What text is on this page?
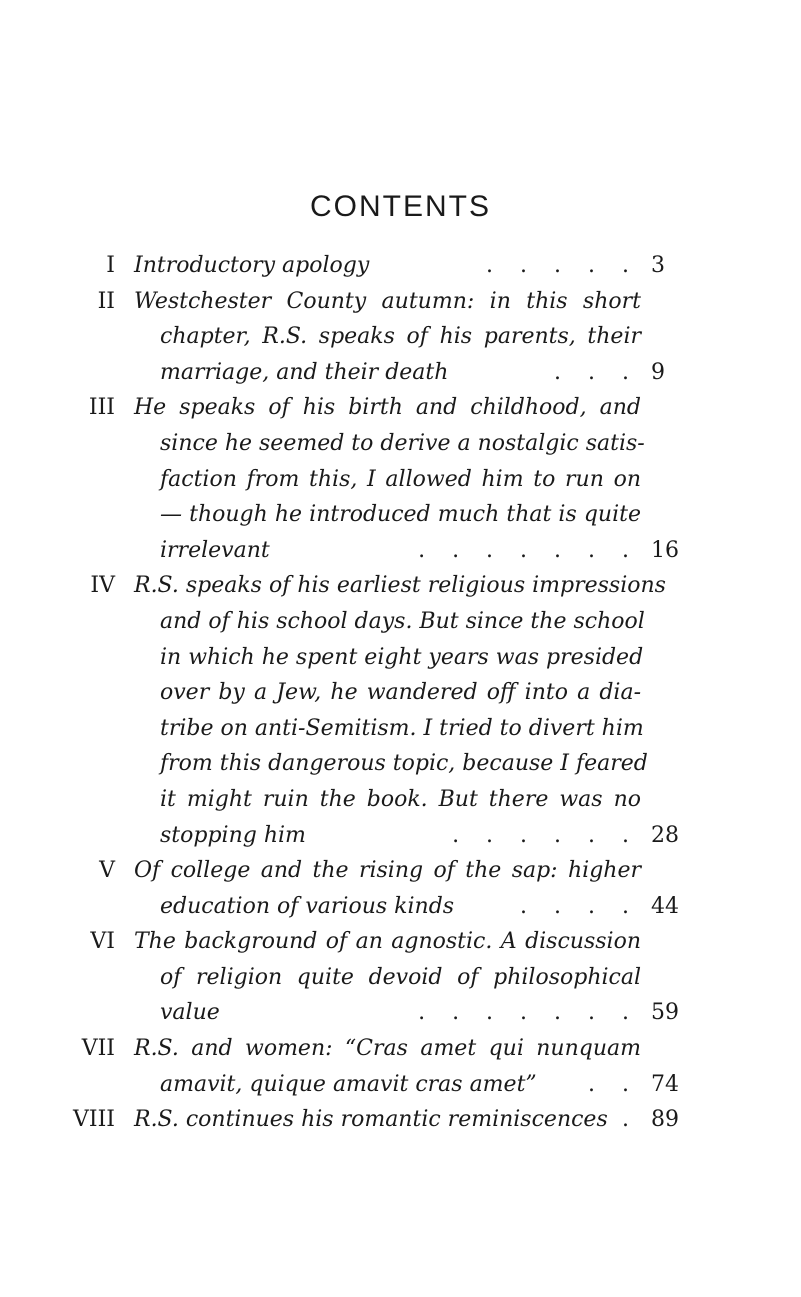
CONTENTS
I Introductory apology	. . . . . 3
II Westchester County autumn: in this short
chapter, R.S. speaks of his parents, their
marriage, and their death	. . . 9
III He speaks of his birth and childhood, and
since he seemed to derive a nostalgic satis-
faction from this, I allowed him to run on
— though he introduced much that is quite
irrelevant	. . . . . . . 16
IV R.S. speaks of his earliest religious impressions
and of his school days. But since the school
in which he spent eight years was presided
over by a Jew, he wandered off into a dia-
tribe on anti-Semitism. I tried to divert him
from this dangerous topic, because I feared
it might ruin the book. But there was no
stopping him	. . . . . . 28
V Of college and the rising of the sap: higher
education of various kinds	. . . . 44
VI The background of an agnostic. A discussion
of religion quite devoid of philosophical
value	. . . . . . . 59
VII R.S. and women: “Cras amet qui nunquam
amavit, quique amavit cras amet”	. . 74
VIII R.S. continues his romantic reminiscences . 89
